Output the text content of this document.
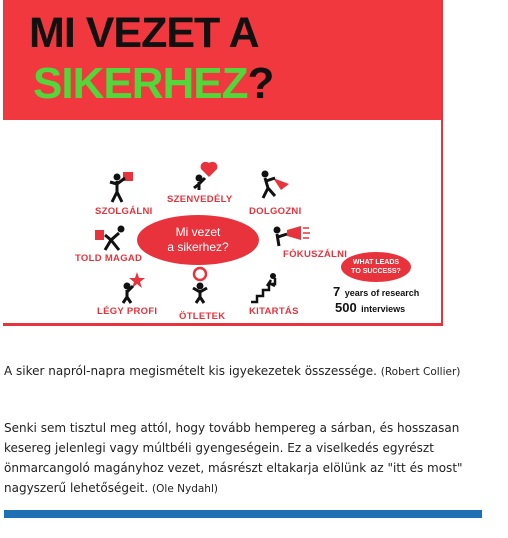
MI VEZET A
SIKERHEZ?
SZOLGÁLNI
SZENVEDÉLY
DOLGOZNI
TOLD MAGAD	FÓKUSZÁLNI
LÉGY PROFI ÖTLETEK KITARTÁS
Mi vezet
a sikerhez?
WHAT LEADS
TO SUCCESS?
7 years of research
500 interviews
A siker napról-napra megismételt kis igyekezetek összessége. (Robert Collier)
Senki sem tisztul meg attól, hogy tovább hempereg a sárban, és hosszasan kesereg jelenlegi vagy múltbéli gyengeségein. Ez a viselkedés egyrészt önmarcangoló magányhoz vezet, másrészt eltakarja elölünk az "itt és most" nagyszerű lehetőségeit. (Ole Nydahl)
